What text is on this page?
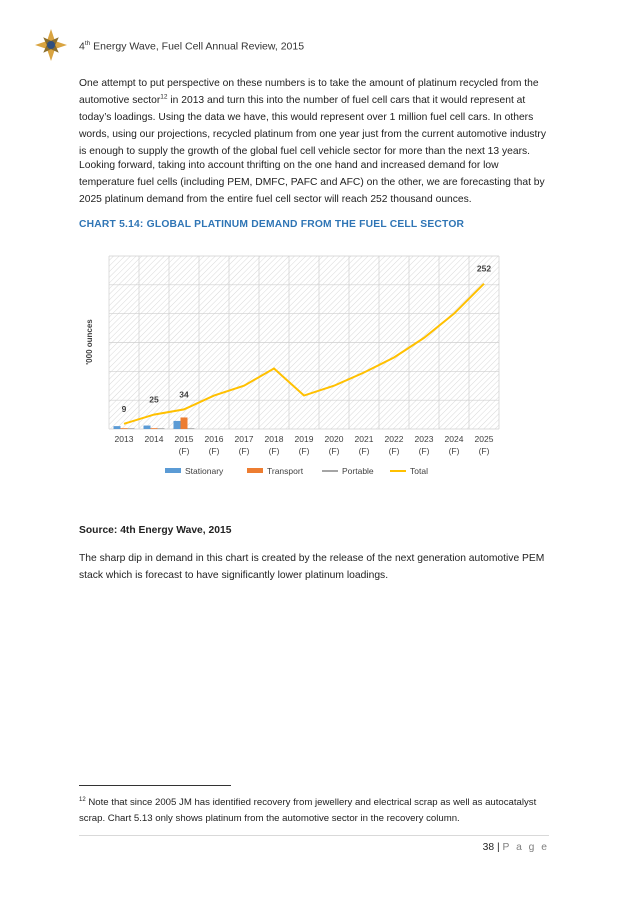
4th Energy Wave, Fuel Cell Annual Review, 2015

One attempt to put perspective on these numbers is to take the amount of platinum recycled from the automotive sector$^{12}$ in 2013 and turn this into the number of fuel cell cars that it would represent at today’s loadings. Using the data we have, this would represent over 1 million fuel cell cars. In others words, using our projections, recycled platinum from one year just from the current automotive industry is enough to supply the growth of the global fuel cell vehicle sector for more than the next 13 years.

Looking forward, taking into account thrifting on the one hand and increased demand for low temperature fuel cells (including PEM, DMFC, PAFC and AFC) on the other, we are forecasting that by 2025 platinum demand from the entire fuel cell sector will reach 252 thousand ounces.

CHART 5.14: GLOBAL PLATINUM DEMAND FROM THE FUEL CELL SECTOR
'000 ounces
9
25
34
252
2013 2014 2015
(F)
2016
(F)
2017
(F)
2018
(F)
2019
(F)
2020
(F)
2021
(F)
2022
(F)
2023
(F)
2024
(F)
2025
(F)
Stationary	Transport	Portable	Total
Source: 4th Energy Wave, 2015

The sharp dip in demand in this chart is created by the release of the next generation automotive PEM stack which is forecast to have significantly lower platinum loadings.

$^{12}$ Note that since 2005 JM has identified recovery from jewellery and electrical scrap as well as autocatalyst scrap. Chart 5.13 only shows platinum from the automotive sector in the recovery column.

38 | P a g e
